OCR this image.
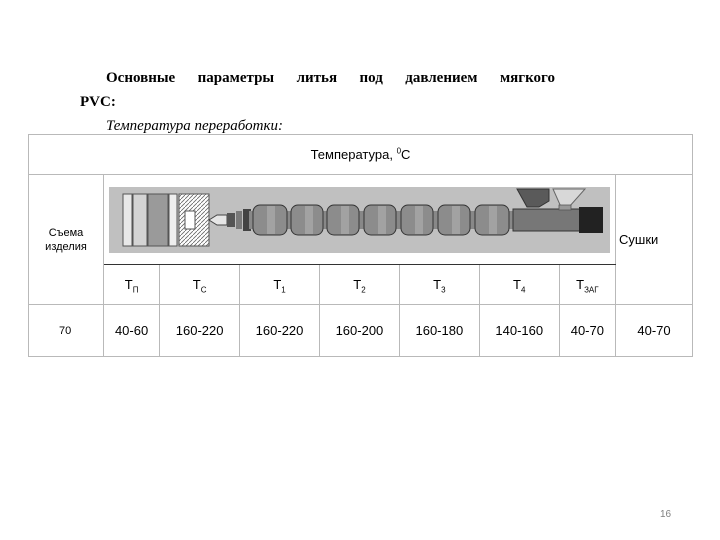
Основные параметры литья под давлением мягкого
PVC:
Температура переработки:
Температура, $^0$С								
Съема изделия								Сушки
	$Т_П$	$Т_С$	$Т_1$	$Т_2$	$Т_3$	$Т_4$	$Т_{ЗАГ}$
70	40-60	160-220	160-220	160-200	160-180	140-160	40-70	40-70
16
